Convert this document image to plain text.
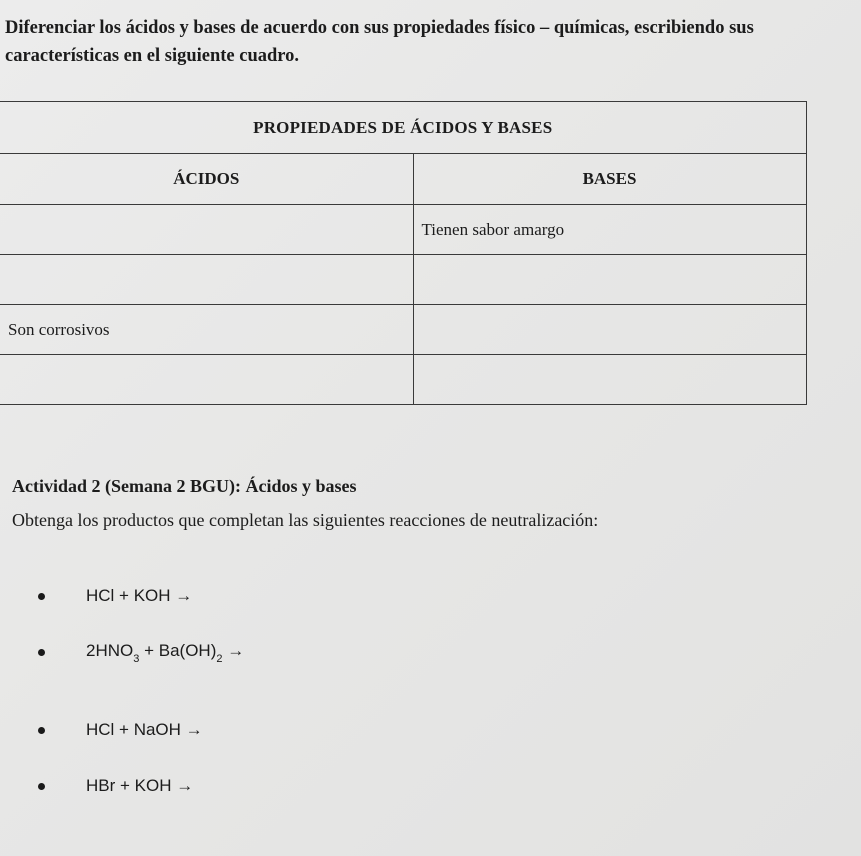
Diferenciar los ácidos y bases de acuerdo con sus propiedades físico – químicas, escribiendo sus características en el siguiente cuadro.

PROPIEDADES DE ÁCIDOS Y BASES	
ÁCIDOS	BASES
	Tienen sabor amargo

Son corrosivos	

Actividad 2 (Semana 2 BGU): Ácidos y bases

Obtenga los productos que completan las siguientes reacciones de neutralización:

HCl + KOH →
$2HNO_3 + Ba(OH)_2$ →
HCl + NaOH →
HBr + KOH →
